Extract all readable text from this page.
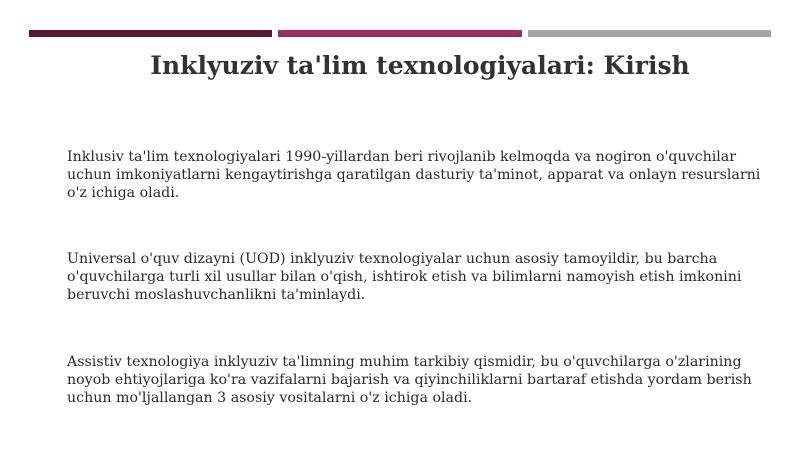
Inklyuziv ta'lim texnologiyalari: Kirish

Inklusiv ta'lim texnologiyalari 1990-yillardan beri rivojlanib kelmoqda va nogiron o'quvchilar uchun imkoniyatlarni kengaytirishga qaratilgan dasturiy ta'minot, apparat va onlayn resurslarni o'z ichiga oladi.

Universal o'quv dizayni (UOD) inklyuziv texnologiyalar uchun asosiy tamoyildir, bu barcha o'quvchilarga turli xil usullar bilan o'qish, ishtirok etish va bilimlarni namoyish etish imkonini beruvchi moslashuvchanlikni ta'minlaydi.

Assistiv texnologiya inklyuziv ta'limning muhim tarkibiy qismidir, bu o'quvchilarga o'zlarining noyob ehtiyojlariga ko'ra vazifalarni bajarish va qiyinchiliklarni bartaraf etishda yordam berish uchun mo'ljallangan 3 asosiy vositalarni o'z ichiga oladi.
